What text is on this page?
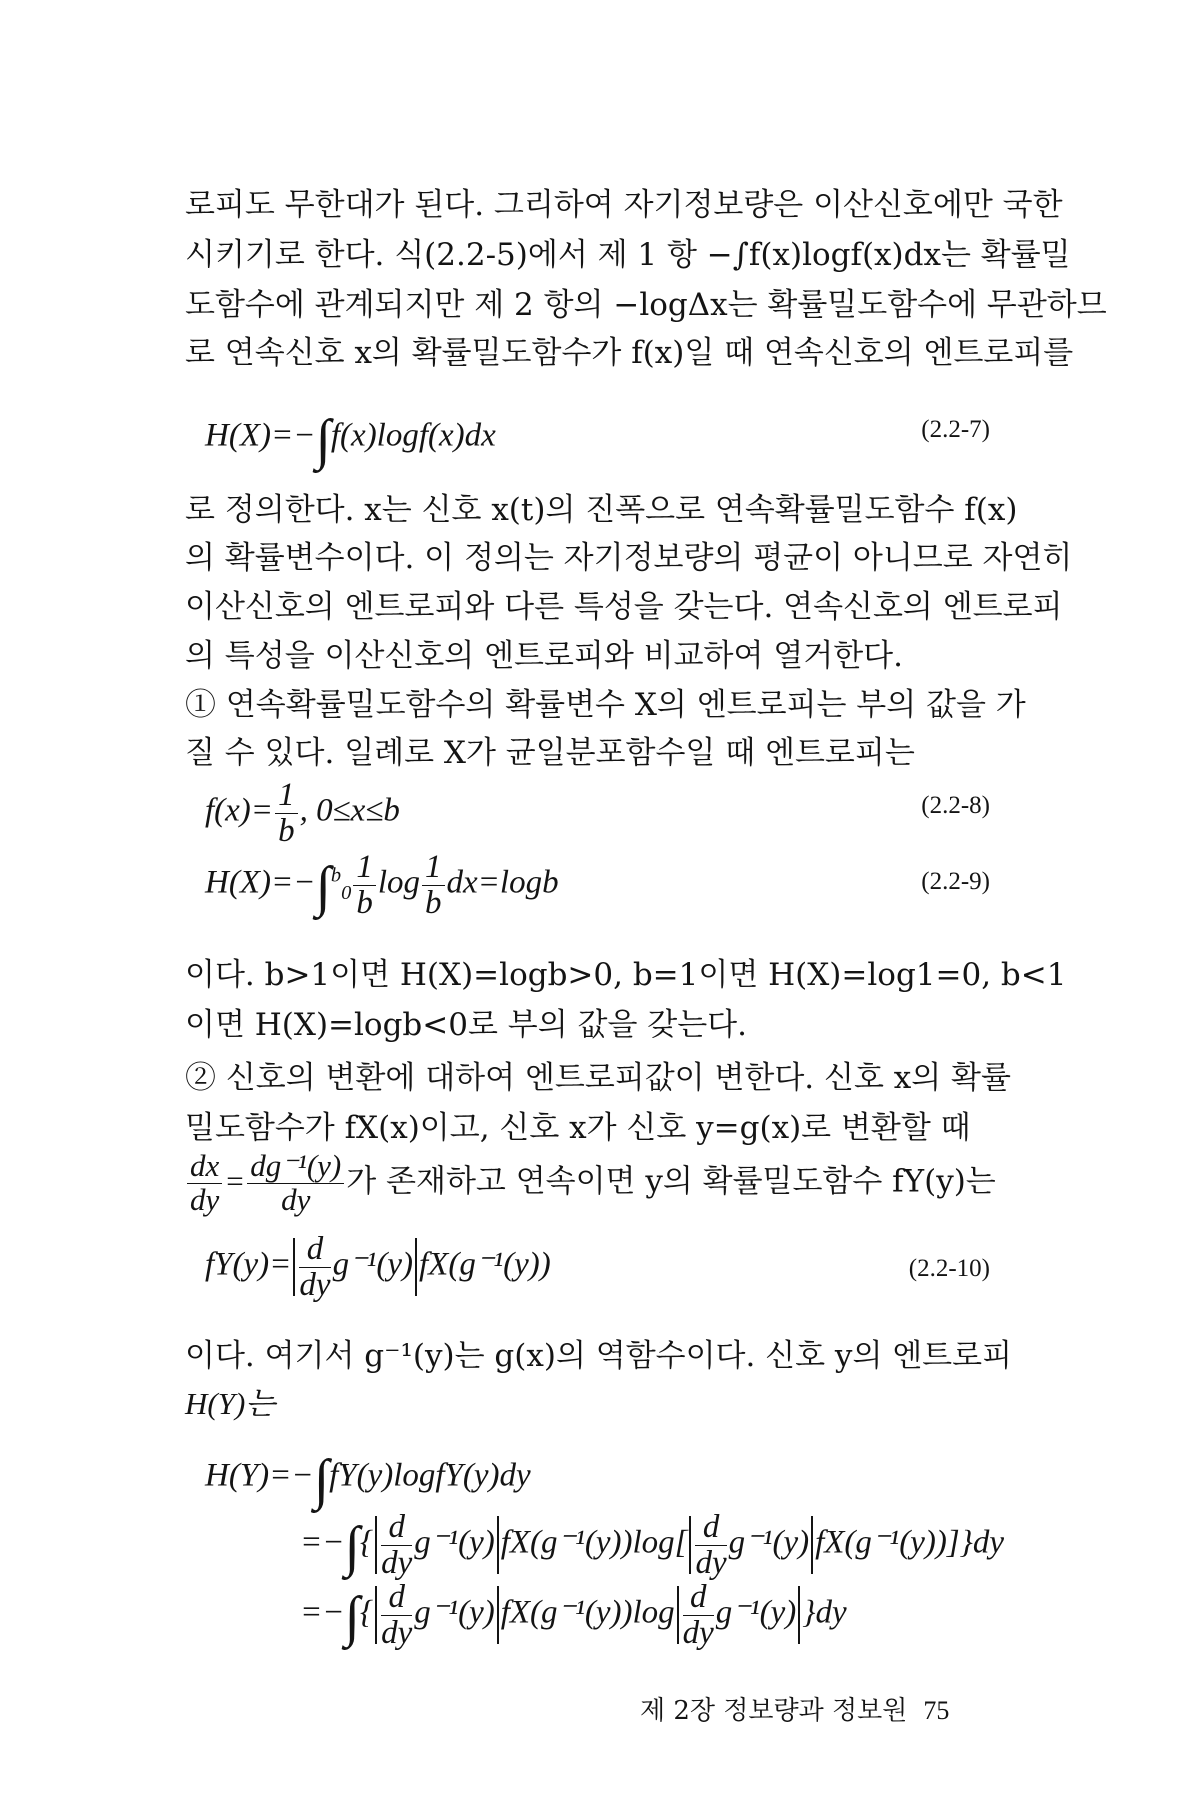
로피도 무한대가 된다. 그리하여 자기정보량은 이산신호에만 국한
시키기로 한다. 식(2.2-5)에서 제 1 항 −∫f(x)logf(x)dx는 확률밀
도함수에 관계되지만 제 2 항의 −logΔx는 확률밀도함수에 무관하므
로 연속신호 x의 확률밀도함수가 f(x)일 때 연속신호의 엔트로피를
H(X)=−∫f(x)logf(x)dx	(2.2-7)
로 정의한다. x는 신호 x(t)의 진폭으로 연속확률밀도함수 f(x)
의 확률변수이다. 이 정의는 자기정보량의 평균이 아니므로 자연히
이산신호의 엔트로피와 다른 특성을 갖는다. 연속신호의 엔트로피
의 특성을 이산신호의 엔트로피와 비교하여 열거한다.
① 연속확률밀도함수의 확률변수 X의 엔트로피는 부의 값을 가
질 수 있다. 일례로 X가 균일분포함수일 때 엔트로피는
$f(x)= \frac{1}{b}$ , 0≤x≤b	(2.2-8)
$H(X)=-\int^b_0 \frac{1}{b}$ $\log \frac{1}{b} dx=\log b$	(2.2-9)
이다. b>1이면 H(X)=logb>0, b=1이면 H(X)=log1=0, b<1
이면 H(X)=logb<0로 부의 값을 갖는다.
② 신호의 변환에 대하여 엔트로피값이 변한다. 신호 x의 확률
밀도함수가 fX(x)이고, 신호 x가 신호 y=g(x)로 변환할 때
$\frac{dx}{dy} = \frac{\text{dg⁻¹(y)}}{dy}$ 가 존재하고 연속이면 y의 확률밀도함수 fY(y)는
$fY(y)= \frac{d}{dy} g^{-1}(y)$ fX(g⁻¹(y))	(2.2-10)
이다. 여기서 g⁻¹(y)는 g(x)의 역함수이다. 신호 y의 엔트로피
H(Y)는
H(Y)=−∫fY(y)logfY(y)dy
=−∫{ $\frac{d}{dy} g^{-1}(y)$ $fX(g^{-1}(y))\log[ \frac{d}{dy} g^{-1}(y)$ fX(g⁻¹(y))]}dy
=−∫{ $\frac{d}{dy} g^{-1}(y)$ $fX(g^{-1}(y))\log \frac{d}{dy} g^{-1}(y)$ }dy
제 2장 정보량과 정보원 75
